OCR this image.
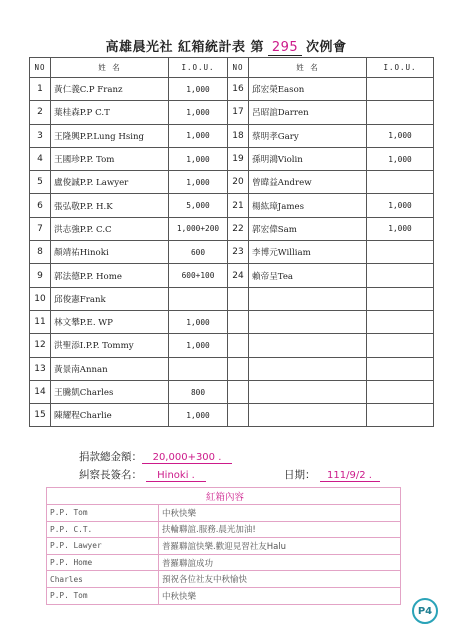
高雄晨光社 紅箱統計表 第 295 次例會
NO	姓 名	I.O.U.	NO	姓 名	I.O.U.
1	黃仁義C.P Franz	1,000	16	邱宏榮Eason	
2	葉桂森P.P C.T	1,000	17	呂昭誼Darren	
3	王隆興P.P.Lung Hsing	1,000	18	蔡明孝Gary	1,000
4	王國珍P.P. Tom	1,000	19	孫明鴻Violin	1,000
5	盧俊誠P.P. Lawyer	1,000	20	曾暐益Andrew	
6	張弘敬P.P. H.K	5,000	21	楊紘璋James	1,000
7	洪志強P.P. C.C	1,000+200	22	郭宏偉Sam	1,000
8	顏靖祐Hinoki	600	23	李博元William	
9	郭法德P.P. Home	600+100	24	賴帝呈Tea	
10	邱俊憲Frank				
11	林文攀P.E. WP	1,000			
12	洪聖添I.P.P. Tommy	1,000			
13	黃景南Annan				
14	王騰凱Charles	800			
15	陳耀程Charlie	1,000			
捐款總金額： 20,000+300 .
糾察長簽名： Hinoki .	日期： 111/9/2 .
紅箱內容	
P.P. Tom	中秋快樂
P.P. C.T.	扶輪聯誼.服務.晨光加油!
P.P. Lawyer	普羅聯誼快樂.歡迎見習社友Halu
P.P. Home	普羅聯誼成功
Charles	預祝各位社友中秋愉快
P.P. Tom	中秋快樂
P4
